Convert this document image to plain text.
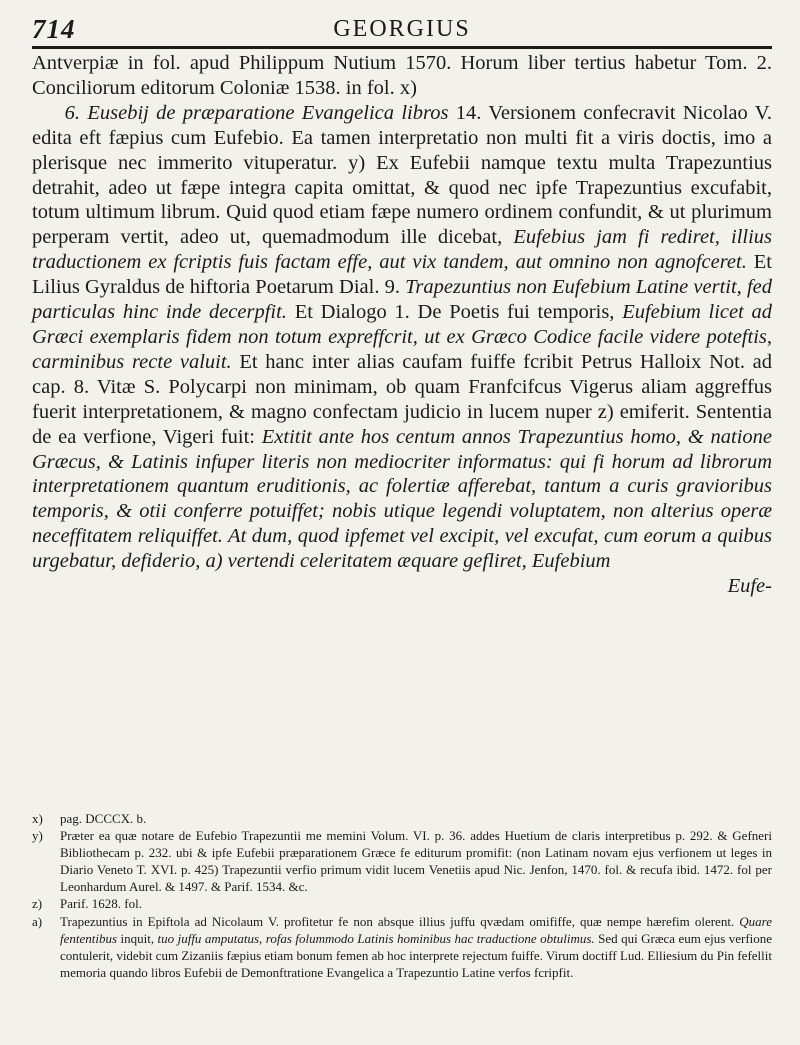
714	GEORGIUS

Antverpiæ in fol. apud Philippum Nutium 1570. Horum liber tertius habetur Tom. 2. Conciliorum editorum Coloniæ 1538. in fol. x)

6. Eusebij de præparatione Evangelica libros 14. Versionem confecravit Nicolao V. edita eft fæpius cum Eufebio. Ea tamen interpretatio non multi fit a viris doctis, imo a plerisque nec immerito vituperatur. y) Ex Eufebii namque textu multa Trapezuntius detrahit, adeo ut fæpe integra capita omittat, & quod nec ipfe Trapezuntius excufabit, totum ultimum librum. Quid quod etiam fæpe numero ordinem confundit, & ut plurimum perperam vertit, adeo ut, quemadmodum ille dicebat, Eufebius jam fi rediret, illius traductionem ex fcriptis fuis factam effe, aut vix tandem, aut omnino non agnofceret. Et Lilius Gyraldus de hiftoria Poetarum Dial. 9. Trapezuntius non Eufebium Latine vertit, fed particulas hinc inde decerpfit. Et Dialogo 1. De Poetis fui temporis, Eufebium licet ad Græci exemplaris fidem non totum expreffcrit, ut ex Græco Codice facile videre poteftis, carminibus recte valuit. Et hanc inter alias caufam fuiffe fcribit Petrus Halloix Not. ad cap. 8. Vitæ S. Polycarpi non minimam, ob quam Franfcifcus Vigerus aliam aggreffus fuerit interpretationem, & magno confectam judicio in lucem nuper z) emiferit. Sententia de ea verfione, Vigeri fuit: Extitit ante hos centum annos Trapezuntius homo, & natione Græcus, & Latinis infuper literis non mediocriter informatus: qui fi horum ad librorum interpretationem quantum eruditionis, ac folertiæ afferebat, tantum a curis gravioribus temporis, & otii conferre potuiffet; nobis utique legendi voluptatem, non alterius operæ neceffitatem reliquiffet. At dum, quod ipfemet vel excipit, vel excufat, cum eorum a quibus urgebatur, defiderio, a) vertendi celeritatem æquare gefliret, Eufebium

Eufe-
x) pag. DCCCX. b.
y) Præter ea quæ notare de Eufebio Trapezuntii me memini Volum. VI. p. 36. addes Huetium de claris interpretibus p. 292. & Gefneri Bibliothecam p. 232. ubi & ipfe Eufebii præparationem Græce fe editurum promifit: (non Latinam novam ejus verfionem ut leges in Diario Veneto T. XVI. p. 425) Trapezuntii verfio primum vidit lucem Venetiis apud Nic. Jenfon, 1470. fol. & recufa ibid. 1472. fol per Leonhardum Aurel. & 1497. & Parif. 1534. &c.
z) Parif. 1628. fol.
a) Trapezuntius in Epiftola ad Nicolaum V. profitetur fe non absque illius juffu qvædam omififfe, quæ nempe hærefim olerent. Quare fententibus inquit, tuo juffu amputatus, rofas folummodo Latinis hominibus hac traductione obtulimus. Sed qui Græca eum ejus verfione contulerit, videbit cum Zizaniis fæpius etiam bonum femen ab hoc interprete rejectum fuiffe. Virum doctiff Lud. Elliesium du Pin fefellit memoria quando libros Eufebii de Demonftratione Evangelica a Trapezuntio Latine verfos fcripfit.
